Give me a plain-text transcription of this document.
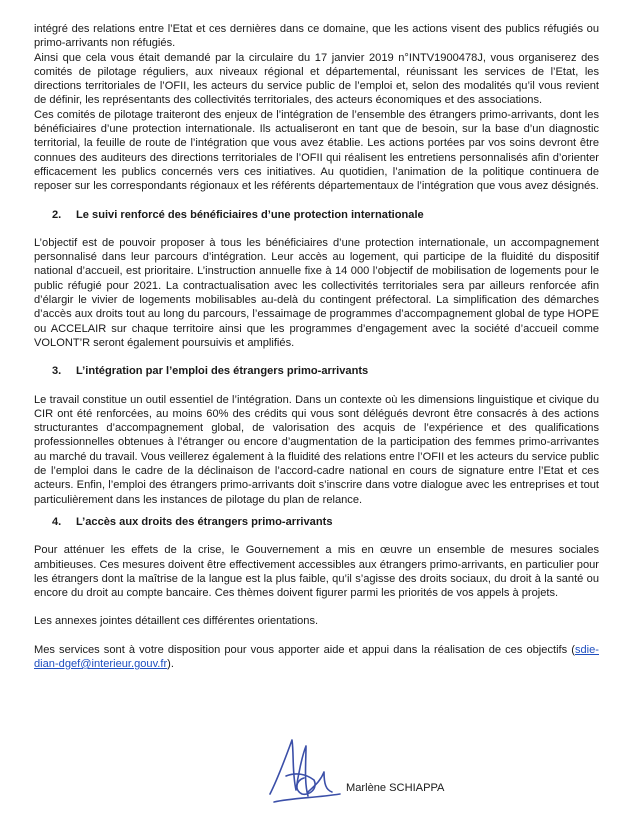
intégré des relations entre l’Etat et ces dernières dans ce domaine, que les actions visent des publics réfugiés ou primo-arrivants non réfugiés.

Ainsi que cela vous était demandé par la circulaire du 17 janvier 2019 n°INTV1900478J, vous organiserez des comités de pilotage réguliers, aux niveaux régional et départemental, réunissant les services de l’Etat, les directions territoriales de l’OFII, les acteurs du service public de l’emploi et, selon des modalités qu’il vous revient de définir, les représentants des collectivités territoriales, des acteurs économiques et des associations.

Ces comités de pilotage traiteront des enjeux de l’intégration de l’ensemble des étrangers primo-arrivants, dont les bénéficiaires d’une protection internationale. Ils actualiseront en tant que de besoin, sur la base d’un diagnostic territorial, la feuille de route de l’intégration que vous avez établie. Les actions portées par vos soins devront être connues des auditeurs des directions territoriales de l’OFII qui réalisent les entretiens personnalisés afin d’orienter efficacement les publics concernés vers ces initiatives. Au quotidien, l’animation de la politique continuera de reposer sur les correspondants régionaux et les référents départementaux de l’intégration que vous avez désignés.

2. Le suivi renforcé des bénéficiaires d’une protection internationale

L’objectif est de pouvoir proposer à tous les bénéficiaires d’une protection internationale, un accompagnement personnalisé dans leur parcours d’intégration. Leur accès au logement, qui participe de la fluidité du dispositif national d’accueil, est prioritaire. L’instruction annuelle fixe à 14 000 l’objectif de mobilisation de logements pour le public réfugié pour 2021. La contractualisation avec les collectivités territoriales sera par ailleurs renforcée afin d’élargir le vivier de logements mobilisables au-delà du contingent préfectoral. La simplification des démarches d’accès aux droits tout au long du parcours, l’essaimage de programmes d’accompagnement global de type HOPE ou ACCELAIR sur chaque territoire ainsi que les programmes d’engagement avec la société d’accueil comme VOLONT’R seront également poursuivis et amplifiés.

3. L’intégration par l’emploi des étrangers primo-arrivants

Le travail constitue un outil essentiel de l’intégration. Dans un contexte où les dimensions linguistique et civique du CIR ont été renforcées, au moins 60% des crédits qui vous sont délégués devront être consacrés à des actions structurantes d’accompagnement global, de valorisation des acquis de l’expérience et des qualifications professionnelles obtenues à l’étranger ou encore d’augmentation de la participation des femmes primo-arrivantes au marché du travail. Vous veillerez également à la fluidité des relations entre l’OFII et les acteurs du service public de l’emploi dans le cadre de la déclinaison de l’accord-cadre national en cours de signature entre l’Etat et ces acteurs. Enfin, l’emploi des étrangers primo-arrivants doit s’inscrire dans votre dialogue avec les entreprises et tout particulièrement dans les instances de pilotage du plan de relance.

4. L’accès aux droits des étrangers primo-arrivants

Pour atténuer les effets de la crise, le Gouvernement a mis en œuvre un ensemble de mesures sociales ambitieuses. Ces mesures doivent être effectivement accessibles aux étrangers primo-arrivants, en particulier pour les étrangers dont la maîtrise de la langue est la plus faible, qu’il s’agisse des droits sociaux, du droit à la santé ou encore du droit au compte bancaire. Ces thèmes doivent figurer parmi les priorités de vos appels à projets.

Les annexes jointes détaillent ces différentes orientations.

Mes services sont à votre disposition pour vous apporter aide et appui dans la réalisation de ces objectifs (sdie-dian-dgef@interieur.gouv.fr).

Marlène SCHIAPPA
